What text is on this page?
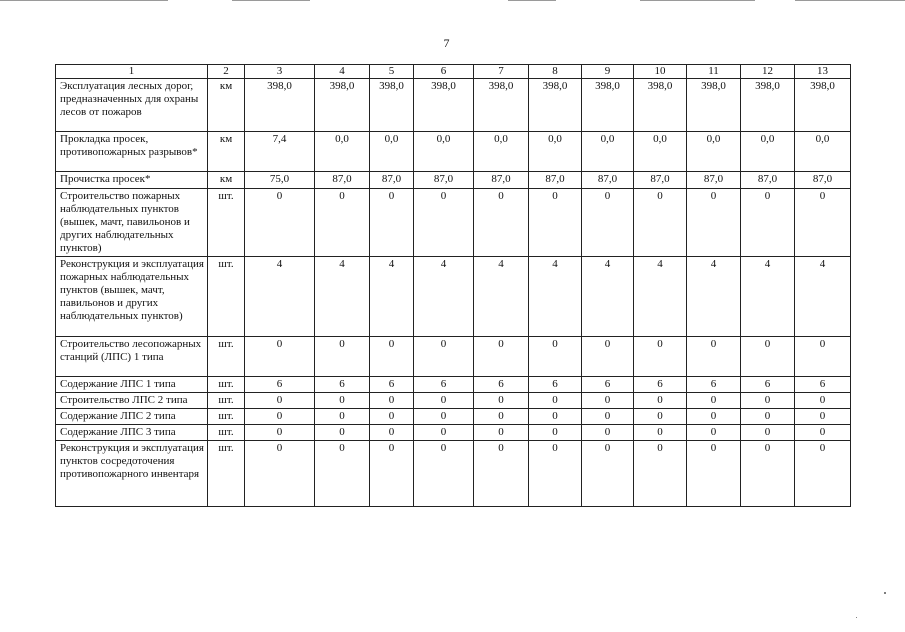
7
1	2	3	4	5	6	7	8	9	10	11	12	13
Эксплуатация лесных дорог, предназначенных для охраны лесов от пожаров	км	398,0	398,0	398,0	398,0	398,0	398,0	398,0	398,0	398,0	398,0	398,0
Прокладка просек, противопожарных разрывов*	км	7,4	0,0	0,0	0,0	0,0	0,0	0,0	0,0	0,0	0,0	0,0
Прочистка просек*	км	75,0	87,0	87,0	87,0	87,0	87,0	87,0	87,0	87,0	87,0	87,0
Строительство пожарных наблюдательных пунктов (вышек, мачт, павильонов и других наблюдательных пунктов)	шт.	0	0	0	0	0	0	0	0	0	0	0
Реконструкция и эксплуатация пожарных наблюдательных пунктов (вышек, мачт, павильонов и других наблюдательных пунктов)	шт.	4	4	4	4	4	4	4	4	4	4	4
Строительство лесопожарных станций (ЛПС) 1 типа	шт.	0	0	0	0	0	0	0	0	0	0	0
Содержание ЛПС 1 типа	шт.	6	6	6	6	6	6	6	6	6	6	6
Строительство ЛПС 2 типа	шт.	0	0	0	0	0	0	0	0	0	0	0
Содержание ЛПС 2 типа	шт.	0	0	0	0	0	0	0	0	0	0	0
Содержание ЛПС 3 типа	шт.	0	0	0	0	0	0	0	0	0	0	0
Реконструкция и эксплуатация пунктов сосредоточения противопожарного инвентаря	шт.	0	0	0	0	0	0	0	0	0	0	0
